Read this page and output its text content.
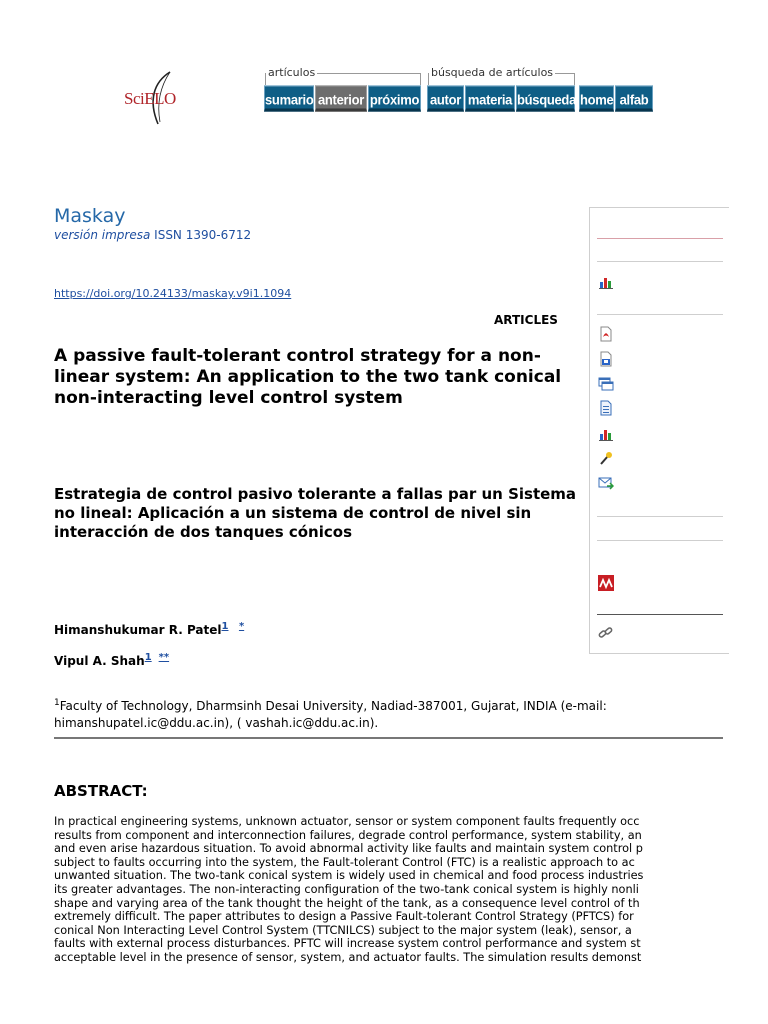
SciELO
artículos	búsqueda de artículos
sumario anterior próximo autor materia búsqueda home alfab
Maskay
versión impresa ISSN 1390-6712
https://doi.org/10.24133/maskay.v9i1.1094
ARTICLES
A passive fault-tolerant control strategy for a non-linear system: An application to the two tank conical non-interacting level control system
Estrategia de control pasivo tolerante a fallas par un Sistema no lineal: Aplicación a un sistema de control de nivel sin interacción de dos tanques cónicos
Himanshukumar R. Patel$^{1 *}$
Vipul A. Shah$^{1 **}$
$^1$Faculty of Technology, Dharmsinh Desai University, Nadiad-387001, Gujarat, INDIA (e-mail:
himanshupatel.ic@ddu.ac.in), ( vashah.ic@ddu.ac.in).
ABSTRACT:
In practical engineering systems, unknown actuator, sensor or system component faults frequently occ
results from component and interconnection failures, degrade control performance, system stability, an
and even arise hazardous situation. To avoid abnormal activity like faults and maintain system control p
subject to faults occurring into the system, the Fault-tolerant Control (FTC) is a realistic approach to ac
unwanted situation. The two-tank conical system is widely used in chemical and food process industries
its greater advantages. The non-interacting configuration of the two-tank conical system is highly nonli
shape and varying area of the tank thought the height of the tank, as a consequence level control of th
extremely difficult. The paper attributes to design a Passive Fault-tolerant Control Strategy (PFTCS) for
conical Non Interacting Level Control System (TTCNILCS) subject to the major system (leak), sensor, a
faults with external process disturbances. PFTC will increase system control performance and system st
acceptable level in the presence of sensor, system, and actuator faults. The simulation results demonst
